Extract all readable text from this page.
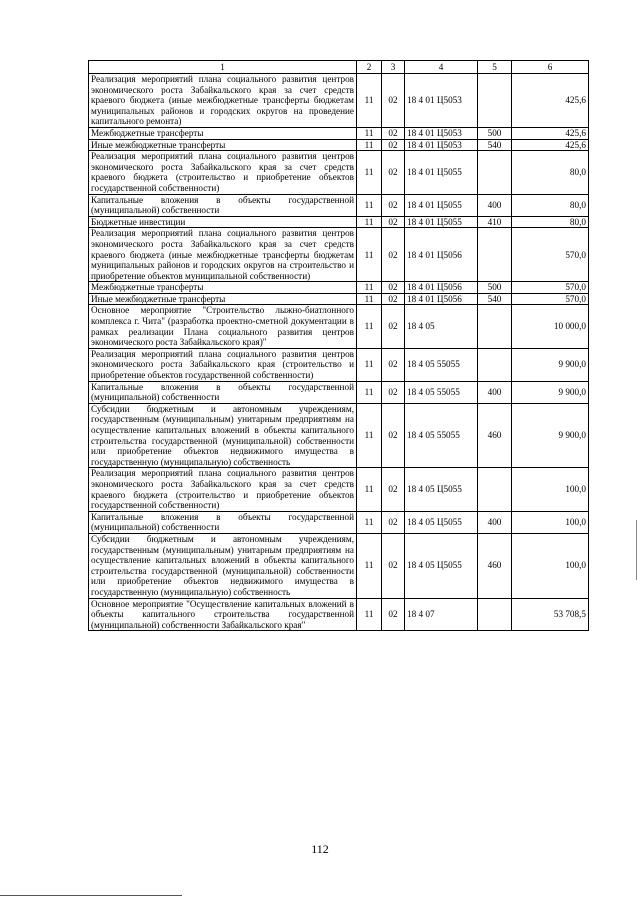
1	2	3	4	5	6
Реализация мероприятий плана социального развития центров экономического роста Забайкальского края за счет средств краевого бюджета (иные межбюджетные трансферты бюджетам муниципальных районов и городских округов на проведение капитального ремонта)	11	02	18 4 01 Ц5053		425,6
Межбюджетные трансферты	11	02	18 4 01 Ц5053	500	425,6
Иные межбюджетные трансферты	11	02	18 4 01 Ц5053	540	425,6
Реализация мероприятий плана социального развития центров экономического роста Забайкальского края за счет средств краевого бюджета (строительство и приобретение объектов государственной собственности)	11	02	18 4 01 Ц5055		80,0
Капитальные вложения в объекты государственной (муниципальной) собственности	11	02	18 4 01 Ц5055	400	80,0
Бюджетные инвестиции	11	02	18 4 01 Ц5055	410	80,0
Реализация мероприятий плана социального развития центров экономического роста Забайкальского края за счет средств краевого бюджета (иные межбюджетные трансферты бюджетам муниципальных районов и городских округов на строительство и приобретение объектов муниципальной собственности)	11	02	18 4 01 Ц5056		570,0
Межбюджетные трансферты	11	02	18 4 01 Ц5056	500	570,0
Иные межбюджетные трансферты	11	02	18 4 01 Ц5056	540	570,0
Основное мероприятие "Строительство лыжно-биатлонного комплекса г. Чита" (разработка проектно-сметной документации в рамках реализации Плана социального развития центров экономического роста Забайкальского края)"	11	02	18 4 05		10 000,0
Реализация мероприятий плана социального развития центров экономического роста Забайкальского края (строительство и приобретение объектов государственной собственности)	11	02	18 4 05 55055		9 900,0
Капитальные вложения в объекты государственной (муниципальной) собственности	11	02	18 4 05 55055	400	9 900,0
Субсидии бюджетным и автономным учреждениям, государственным (муниципальным) унитарным предприятиям на осуществление капитальных вложений в объекты капитального строительства государственной (муниципальной) собственности или приобретение объектов недвижимого имущества в государственную (муниципальную) собственность	11	02	18 4 05 55055	460	9 900,0
Реализация мероприятий плана социального развития центров экономического роста Забайкальского края за счет средств краевого бюджета (строительство и приобретение объектов государственной собственности)	11	02	18 4 05 Ц5055		100,0
Капитальные вложения в объекты государственной (муниципальной) собственности	11	02	18 4 05 Ц5055	400	100,0
Субсидии бюджетным и автономным учреждениям, государственным (муниципальным) унитарным предприятиям на осуществление капитальных вложений в объекты капитального строительства государственной (муниципальной) собственности или приобретение объектов недвижимого имущества в государственную (муниципальную) собственность	11	02	18 4 05 Ц5055	460	100,0
Основное мероприятие "Осуществление капитальных вложений в объекты капитального строительства государственной (муниципальной) собственности Забайкальского края"	11	02	18 4 07		53 708,5
112
